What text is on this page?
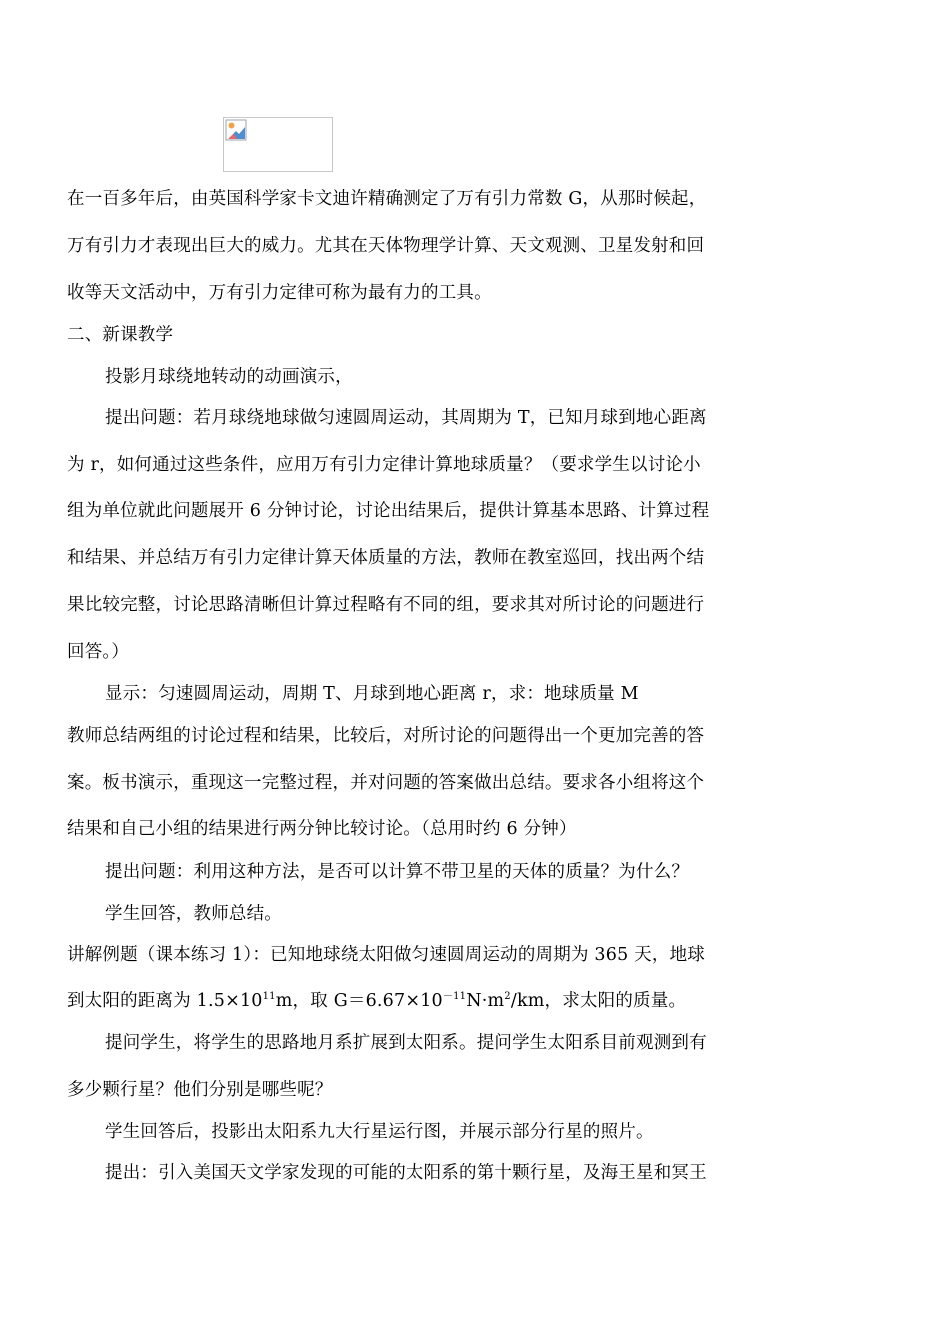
在一百多年后，由英国科学家卡文迪许精确测定了万有引力常数 G，从那时候起，
万有引力才表现出巨大的威力。尤其在天体物理学计算、天文观测、卫星发射和回
收等天文活动中，万有引力定律可称为最有力的工具。
二、新课教学
投影月球绕地转动的动画演示，
提出问题：若月球绕地球做匀速圆周运动，其周期为 T，已知月球到地心距离
为 r，如何通过这些条件，应用万有引力定律计算地球质量？（要求学生以讨论小
组为单位就此问题展开 6 分钟讨论，讨论出结果后，提供计算基本思路、计算过程
和结果、并总结万有引力定律计算天体质量的方法，教师在教室巡回，找出两个结
果比较完整，讨论思路清晰但计算过程略有不同的组，要求其对所讨论的问题进行
回答。）
显示：匀速圆周运动，周期 T、月球到地心距离 r，求：地球质量 M
教师总结两组的讨论过程和结果，比较后，对所讨论的问题得出一个更加完善的答
案。板书演示，重现这一完整过程，并对问题的答案做出总结。要求各小组将这个
结果和自己小组的结果进行两分钟比较讨论。（总用时约 6 分钟）
提出问题：利用这种方法，是否可以计算不带卫星的天体的质量？为什么？
学生回答，教师总结。
讲解例题（课本练习 1）：已知地球绕太阳做匀速圆周运动的周期为 365 天，地球
到太阳的距离为 $1.5\times 10^{11}m$，取 $G=6.67\times 10^{-11}N\cdot m^2/km$，求太阳的质量。
提问学生，将学生的思路地月系扩展到太阳系。提问学生太阳系目前观测到有
多少颗行星？他们分别是哪些呢？
学生回答后，投影出太阳系九大行星运行图，并展示部分行星的照片。
提出：引入美国天文学家发现的可能的太阳系的第十颗行星，及海王星和冥王
